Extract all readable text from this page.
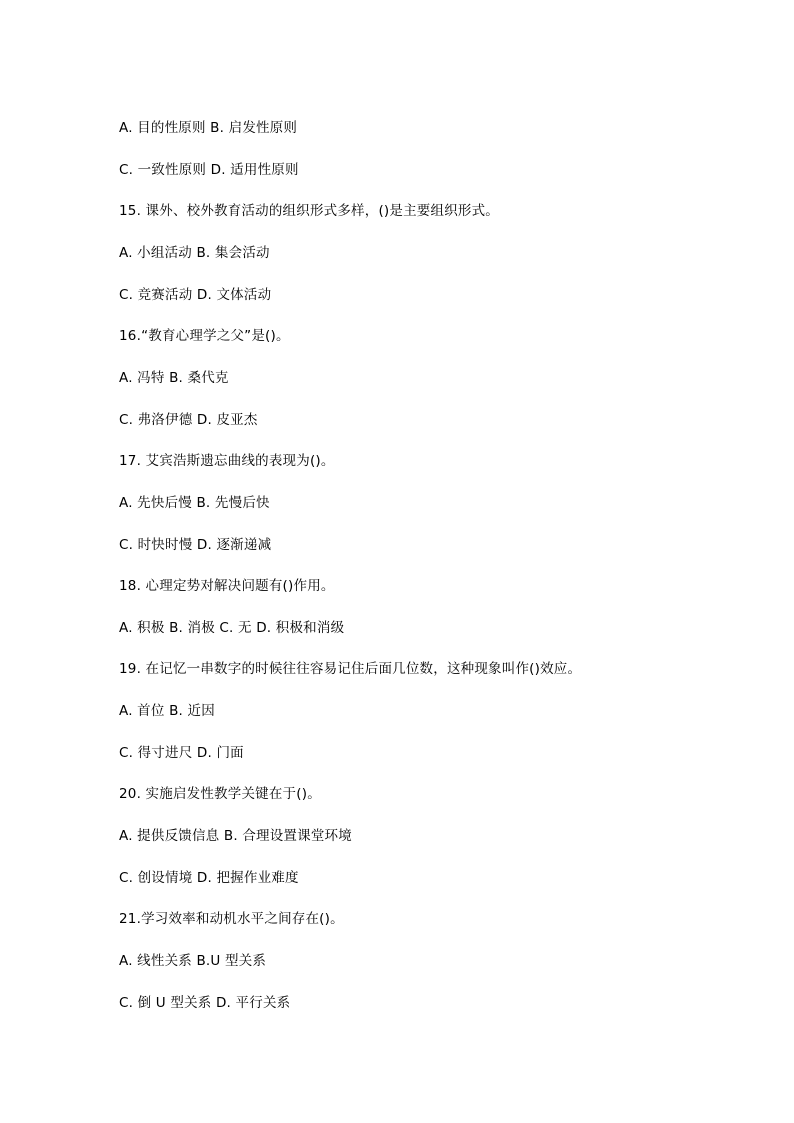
A. 目的性原则 B. 启发性原则
C. 一致性原则 D. 适用性原则
15. 课外、校外教育活动的组织形式多样，()是主要组织形式。
A. 小组活动 B. 集会活动
C. 竞赛活动 D. 文体活动
16.“教育心理学之父”是()。
A. 冯特 B. 桑代克
C. 弗洛伊德 D. 皮亚杰
17. 艾宾浩斯遗忘曲线的表现为()。
A. 先快后慢 B. 先慢后快
C. 时快时慢 D. 逐渐递减
18. 心理定势对解决问题有()作用。
A. 积极 B. 消极 C. 无 D. 积极和消级
19. 在记忆一串数字的时候往往容易记住后面几位数，这种现象叫作()效应。
A. 首位 B. 近因
C. 得寸进尺 D. 门面
20. 实施启发性教学关键在于()。
A. 提供反馈信息 B. 合理设置课堂环境
C. 创设情境 D. 把握作业难度
21.学习效率和动机水平之间存在()。
A. 线性关系 B.U 型关系
C. 倒 U 型关系 D. 平行关系
